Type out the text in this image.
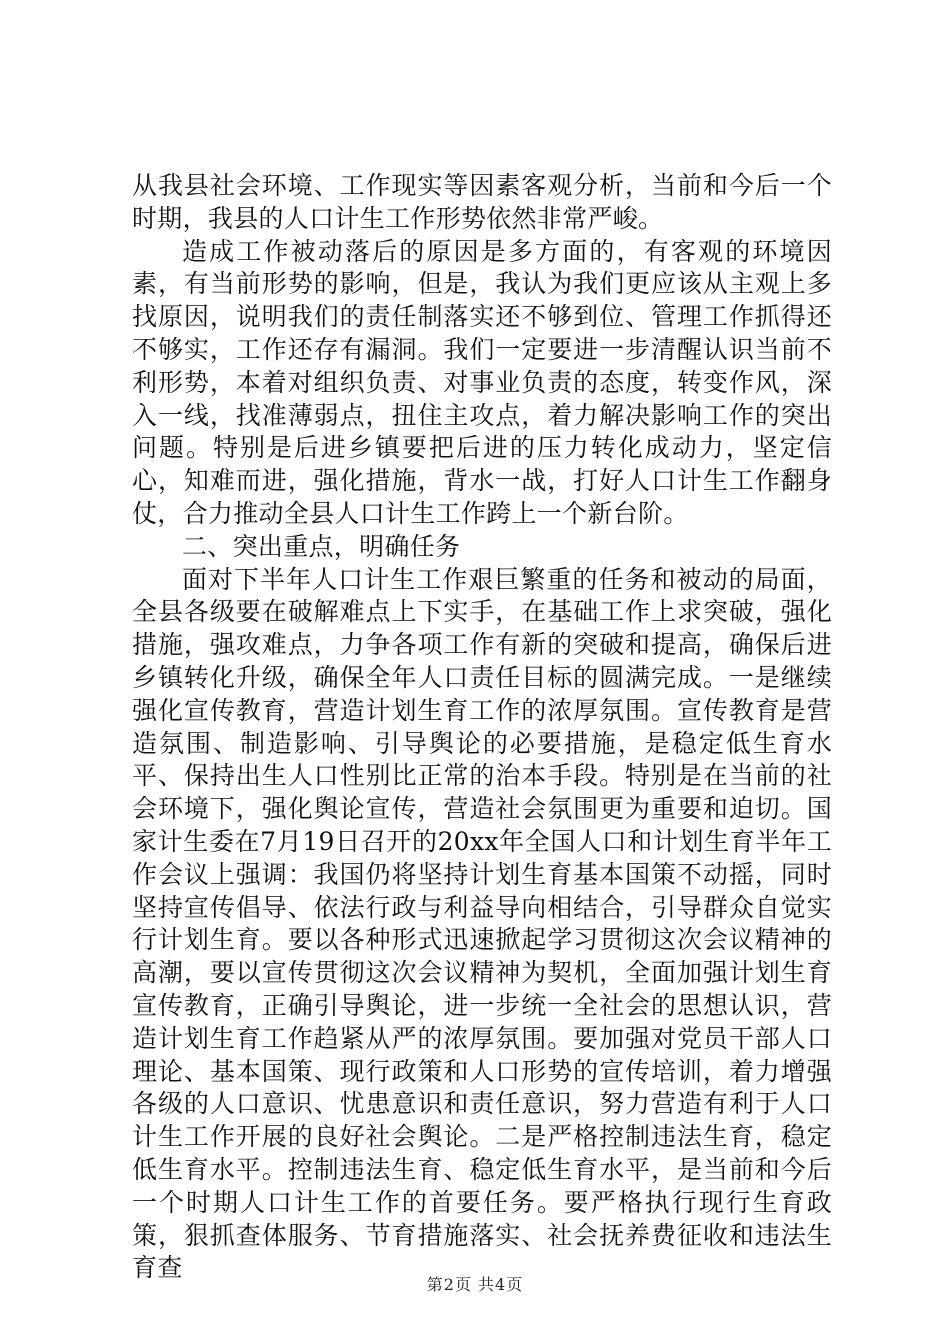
从我县社会环境、工作现实等因素客观分析，当前和今后一个时期，我县的人口计生工作形势依然非常严峻。

造成工作被动落后的原因是多方面的，有客观的环境因素，有当前形势的影响，但是，我认为我们更应该从主观上多找原因，说明我们的责任制落实还不够到位、管理工作抓得还不够实，工作还存有漏洞。我们一定要进一步清醒认识当前不利形势，本着对组织负责、对事业负责的态度，转变作风，深入一线，找准薄弱点，扭住主攻点，着力解决影响工作的突出问题。特别是后进乡镇要把后进的压力转化成动力，坚定信心，知难而进，强化措施，背水一战，打好人口计生工作翻身仗，合力推动全县人口计生工作跨上一个新台阶。

二、突出重点，明确任务

面对下半年人口计生工作艰巨繁重的任务和被动的局面，全县各级要在破解难点上下实手，在基础工作上求突破，强化措施，强攻难点，力争各项工作有新的突破和提高，确保后进乡镇转化升级，确保全年人口责任目标的圆满完成。一是继续强化宣传教育，营造计划生育工作的浓厚氛围。宣传教育是营造氛围、制造影响、引导舆论的必要措施，是稳定低生育水平、保持出生人口性别比正常的治本手段。特别是在当前的社会环境下，强化舆论宣传，营造社会氛围更为重要和迫切。国家计生委在7月19日召开的20xx年全国人口和计划生育半年工作会议上强调：我国仍将坚持计划生育基本国策不动摇，同时坚持宣传倡导、依法行政与利益导向相结合，引导群众自觉实行计划生育。要以各种形式迅速掀起学习贯彻这次会议精神的高潮，要以宣传贯彻这次会议精神为契机，全面加强计划生育宣传教育，正确引导舆论，进一步统一全社会的思想认识，营造计划生育工作趋紧从严的浓厚氛围。要加强对党员干部人口理论、基本国策、现行政策和人口形势的宣传培训，着力增强各级的人口意识、忧患意识和责任意识，努力营造有利于人口计生工作开展的良好社会舆论。二是严格控制违法生育，稳定低生育水平。控制违法生育、稳定低生育水平，是当前和今后一个时期人口计生工作的首要任务。要严格执行现行生育政策，狠抓查体服务、节育措施落实、社会抚养费征收和违法生育查

第2页 共4页
